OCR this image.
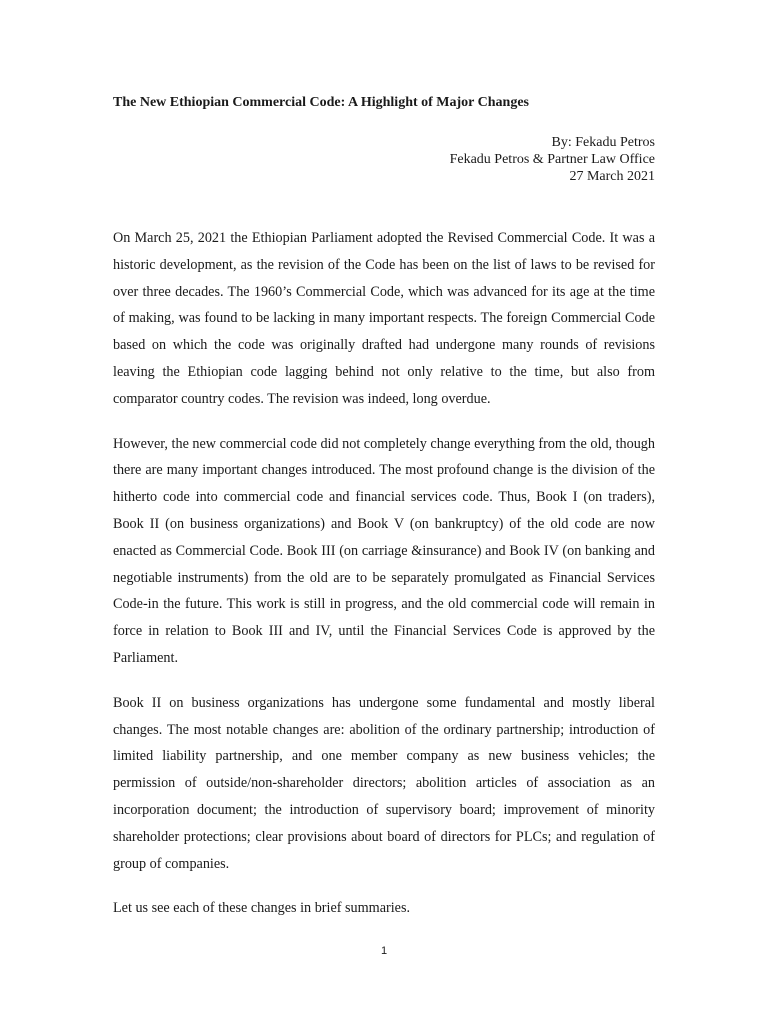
The New Ethiopian Commercial Code: A Highlight of Major Changes
By: Fekadu Petros
Fekadu Petros & Partner Law Office
27 March 2021

On March 25, 2021 the Ethiopian Parliament adopted the Revised Commercial Code. It was a historic development, as the revision of the Code has been on the list of laws to be revised for over three decades. The 1960’s Commercial Code, which was advanced for its age at the time of making, was found to be lacking in many important respects. The foreign Commercial Code based on which the code was originally drafted had undergone many rounds of revisions leaving the Ethiopian code lagging behind not only relative to the time, but also from comparator country codes. The revision was indeed, long overdue.

However, the new commercial code did not completely change everything from the old, though there are many important changes introduced. The most profound change is the division of the hitherto code into commercial code and financial services code. Thus, Book I (on traders), Book II (on business organizations) and Book V (on bankruptcy) of the old code are now enacted as Commercial Code. Book III (on carriage &insurance) and Book IV (on banking and negotiable instruments) from the old are to be separately promulgated as Financial Services Code-in the future. This work is still in progress, and the old commercial code will remain in force in relation to Book III and IV, until the Financial Services Code is approved by the Parliament.

Book II on business organizations has undergone some fundamental and mostly liberal changes. The most notable changes are: abolition of the ordinary partnership; introduction of limited liability partnership, and one member company as new business vehicles; the permission of outside/non-shareholder directors; abolition articles of association as an incorporation document; the introduction of supervisory board; improvement of minority shareholder protections; clear provisions about board of directors for PLCs; and regulation of group of companies.

Let us see each of these changes in brief summaries.

1
